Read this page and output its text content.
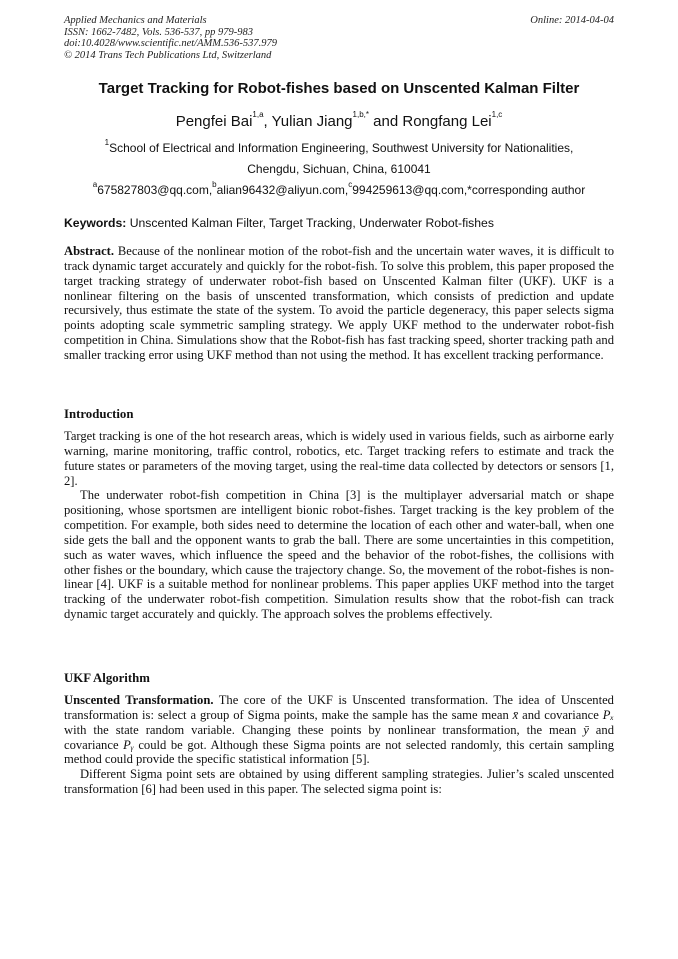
Applied Mechanics and Materials
ISSN: 1662-7482, Vols. 536-537, pp 979-983
doi:10.4028/www.scientific.net/AMM.536-537.979
© 2014 Trans Tech Publications Ltd, Switzerland
Online: 2014-04-04
Target Tracking for Robot-fishes based on Unscented Kalman Filter
Pengfei Bai$^{1,a}$, Yulian Jiang$^{1,b,*}$ and Rongfang Lei$^{1,c}$
$^1$School of Electrical and Information Engineering, Southwest University for Nationalities,
Chengdu, Sichuan, China, 610041
$^a$675827803@qq.com,$^b$alian96432@aliyun.com,$^c$994259613@qq.com,*corresponding author
Keywords: Unscented Kalman Filter, Target Tracking, Underwater Robot-fishes

Abstract. Because of the nonlinear motion of the robot-fish and the uncertain water waves, it is difficult to track dynamic target accurately and quickly for the robot-fish. To solve this problem, this paper proposed the target tracking strategy of underwater robot-fish based on Unscented Kalman filter (UKF). UKF is a nonlinear filtering on the basis of unscented transformation, which consists of prediction and update recursively, thus estimate the state of the system. To avoid the particle degeneracy, this paper selects sigma points adopting scale symmetric sampling strategy. We apply UKF method to the underwater robot-fish competition in China. Simulations show that the Robot-fish has fast tracking speed, shorter tracking path and smaller tracking error using UKF method than not using the method. It has excellent tracking performance.

Introduction

Target tracking is one of the hot research areas, which is widely used in various fields, such as airborne early warning, marine monitoring, traffic control, robotics, etc. Target tracking refers to estimate and track the future states or parameters of the moving target, using the real-time data collected by detectors or sensors [1, 2].

The underwater robot-fish competition in China [3] is the multiplayer adversarial match or shape positioning, whose sportsmen are intelligent bionic robot-fishes. Target tracking is the key problem of the competition. For example, both sides need to determine the location of each other and water-ball, when one side gets the ball and the opponent wants to grab the ball. There are some uncertainties in this competition, such as water waves, which influence the speed and the behavior of the robot-fishes, the collisions with other fishes or the boundary, which cause the trajectory change. So, the movement of the robot-fishes is non-linear [4]. UKF is a suitable method for nonlinear problems. This paper applies UKF method into the target tracking of the underwater robot-fish competition. Simulation results show that the robot-fish can track dynamic target accurately and quickly. The approach solves the problems effectively.

UKF Algorithm

Unscented Transformation. The core of the UKF is Unscented transformation. The idea of Unscented transformation is: select a group of Sigma points, make the sample has the same mean x̄ and covariance Pₓ with the state random variable. Changing these points by nonlinear transformation, the mean ȳ and covariance Pᵧ could be got. Although these Sigma points are not selected randomly, this certain sampling method could provide the specific statistical information [5].

Different Sigma point sets are obtained by using different sampling strategies. Julier’s scaled unscented transformation [6] had been used in this paper. The selected sigma point is:
